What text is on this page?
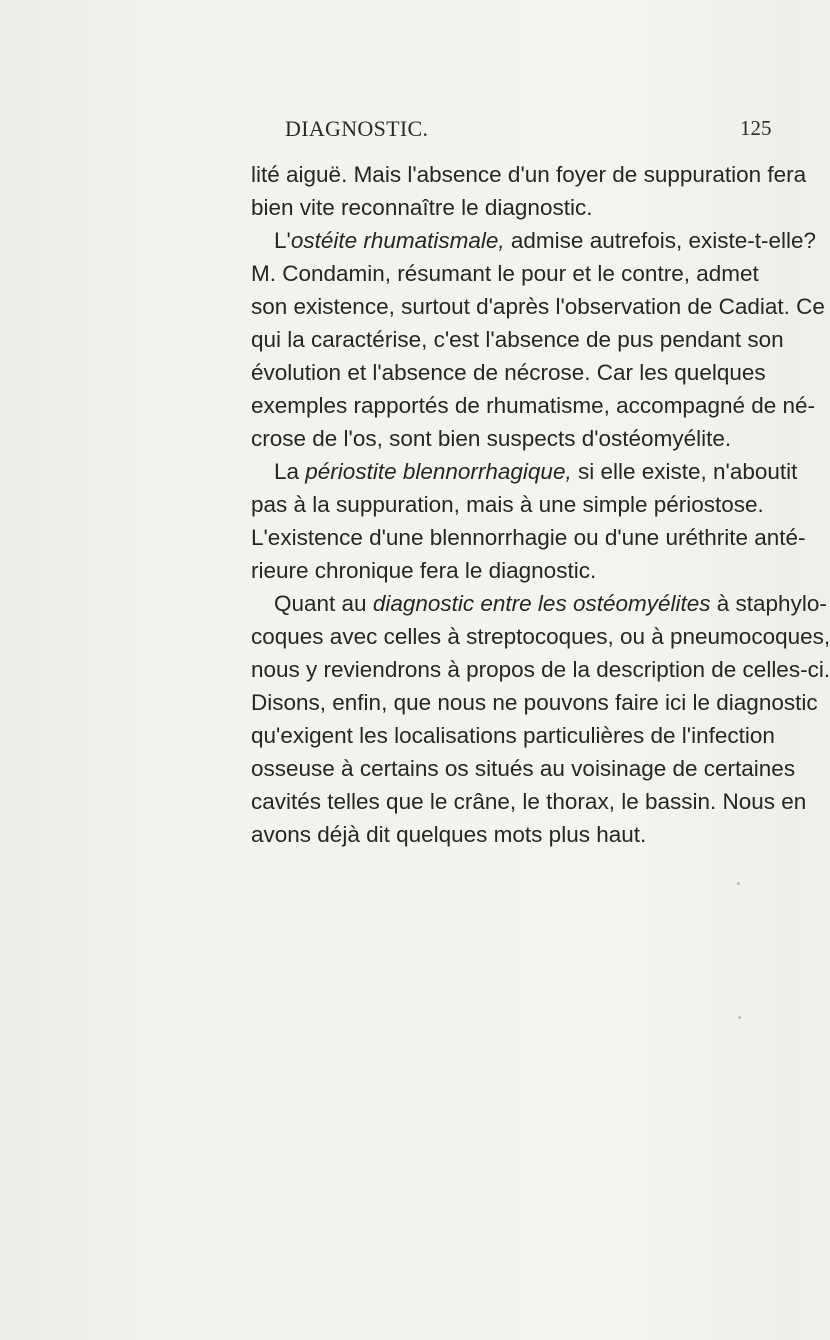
DIAGNOSTIC.	125
lité aiguë. Mais l'absence d'un foyer de suppuration fera
bien vite reconnaître le diagnostic.
L'ostéite rhumatismale, admise autrefois, existe-t-elle?
M. Condamin, résumant le pour et le contre, admet
son existence, surtout d'après l'observation de Cadiat. Ce
qui la caractérise, c'est l'absence de pus pendant son
évolution et l'absence de nécrose. Car les quelques
exemples rapportés de rhumatisme, accompagné de né-
crose de l'os, sont bien suspects d'ostéomyélite.
La périostite blennorrhagique, si elle existe, n'aboutit
pas à la suppuration, mais à une simple périostose.
L'existence d'une blennorrhagie ou d'une uréthrite anté-
rieure chronique fera le diagnostic.
Quant au diagnostic entre les ostéomyélites à staphylo-
coques avec celles à streptocoques, ou à pneumocoques,
nous y reviendrons à propos de la description de celles-ci.
Disons, enfin, que nous ne pouvons faire ici le diagnostic
qu'exigent les localisations particulières de l'infection
osseuse à certains os situés au voisinage de certaines
cavités telles que le crâne, le thorax, le bassin. Nous en
avons déjà dit quelques mots plus haut.
